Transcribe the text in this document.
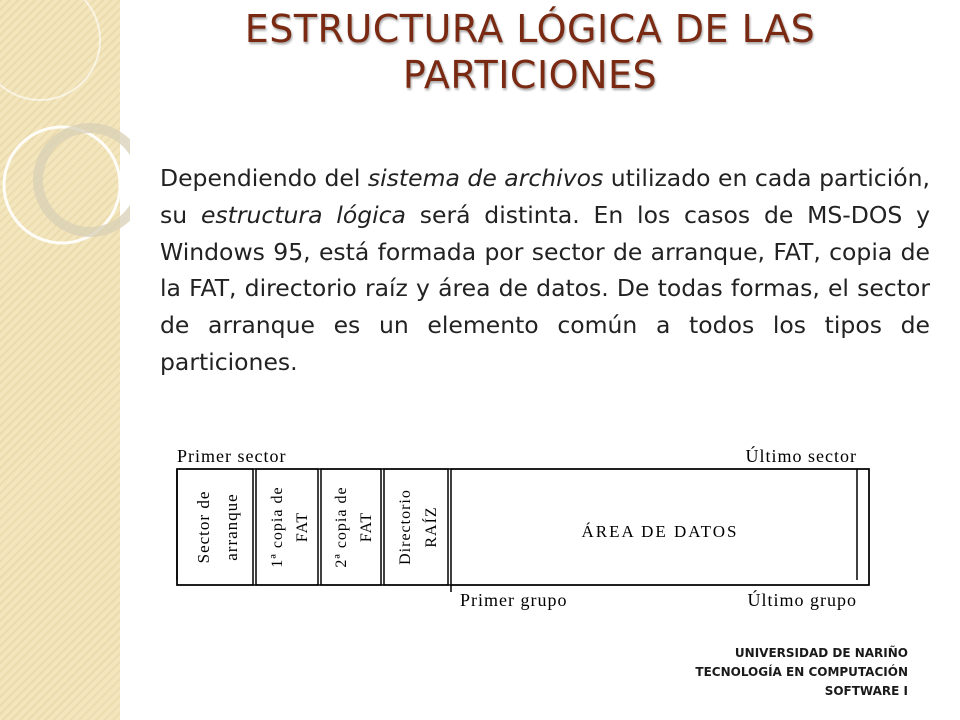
ESTRUCTURA LÓGICA DE LAS
PARTICIONES

Dependiendo del sistema de archivos utilizado en cada partición, su estructura lógica será distinta. En los casos de MS-DOS y Windows 95, está formada por sector de arranque, FAT, copia de la FAT, directorio raíz y área de datos. De todas formas, el sector de arranque es un elemento común a todos los tipos de particiones.

Primer sector	Último sector
Sector de arranque 1ª copia de FAT 2ª copia de FAT Directorio RAÍZ	ÁREA DE DATOS
Primer grupo	Último grupo
UNIVERSIDAD DE NARIÑO
TECNOLOGÍA EN COMPUTACIÓN
SOFTWARE I
